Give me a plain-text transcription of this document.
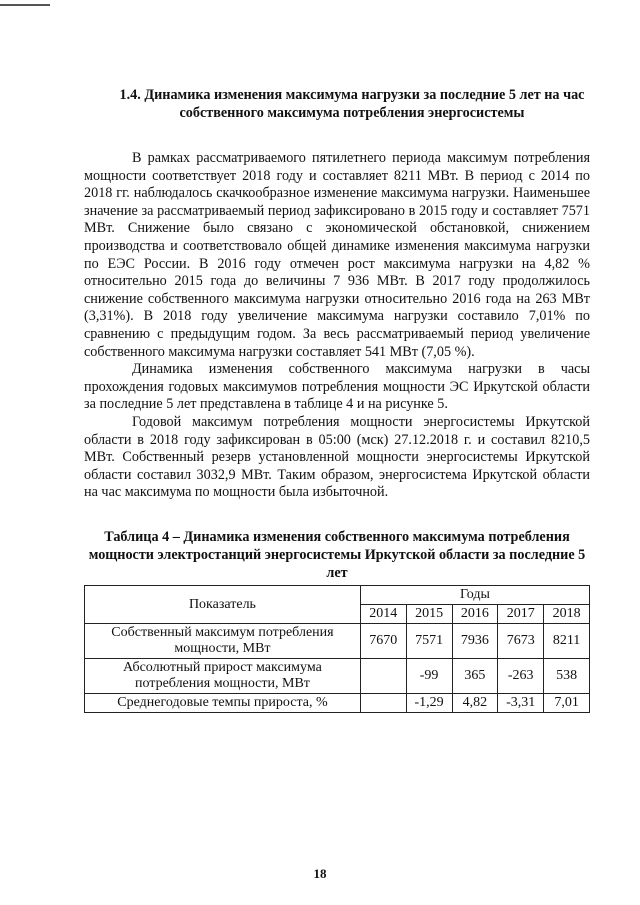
1.4. Динамика изменения максимума нагрузки за последние 5 лет на час собственного максимума потребления энергосистемы

В рамках рассматриваемого пятилетнего периода максимум потребления мощности соответствует 2018 году и составляет 8211 МВт. В период с 2014 по 2018 гг. наблюдалось скачкообразное изменение максимума нагрузки. Наименьшее значение за рассматриваемый период зафиксировано в 2015 году и составляет 7571 МВт. Снижение было связано с экономической обстановкой, снижением производства и соответствовало общей динамике изменения максимума нагрузки по ЕЭС России. В 2016 году отмечен рост максимума нагрузки на 4,82 % относительно 2015 года до величины 7 936 МВт. В 2017 году продолжилось снижение собственного максимума нагрузки относительно 2016 года на 263 МВт (3,31%). В 2018 году увеличение максимума нагрузки составило 7,01% по сравнению с предыдущим годом. За весь рассматриваемый период увеличение собственного максимума нагрузки составляет 541 МВт (7,05 %).

Динамика изменения собственного максимума нагрузки в часы прохождения годовых максимумов потребления мощности ЭС Иркутской области за последние 5 лет представлена в таблице 4 и на рисунке 5.

Годовой максимум потребления мощности энергосистемы Иркутской области в 2018 году зафиксирован в 05:00 (мск) 27.12.2018 г. и составил 8210,5 МВт. Собственный резерв установленной мощности энергосистемы Иркутской области составил 3032,9 МВт. Таким образом, энергосистема Иркутской области на час максимума по мощности была избыточной.

Таблица 4 – Динамика изменения собственного максимума потребления мощности электростанций энергосистемы Иркутской области за последние 5 лет
Показатель	Годы				
	2014	2015	2016	2017	2018
Собственный максимум потребления мощности, МВт	7670	7571	7936	7673	8211
Абсолютный прирост максимума потребления мощности, МВт		-99	365	-263	538
Среднегодовые темпы прироста, %		-1,29	4,82	-3,31	7,01
18
